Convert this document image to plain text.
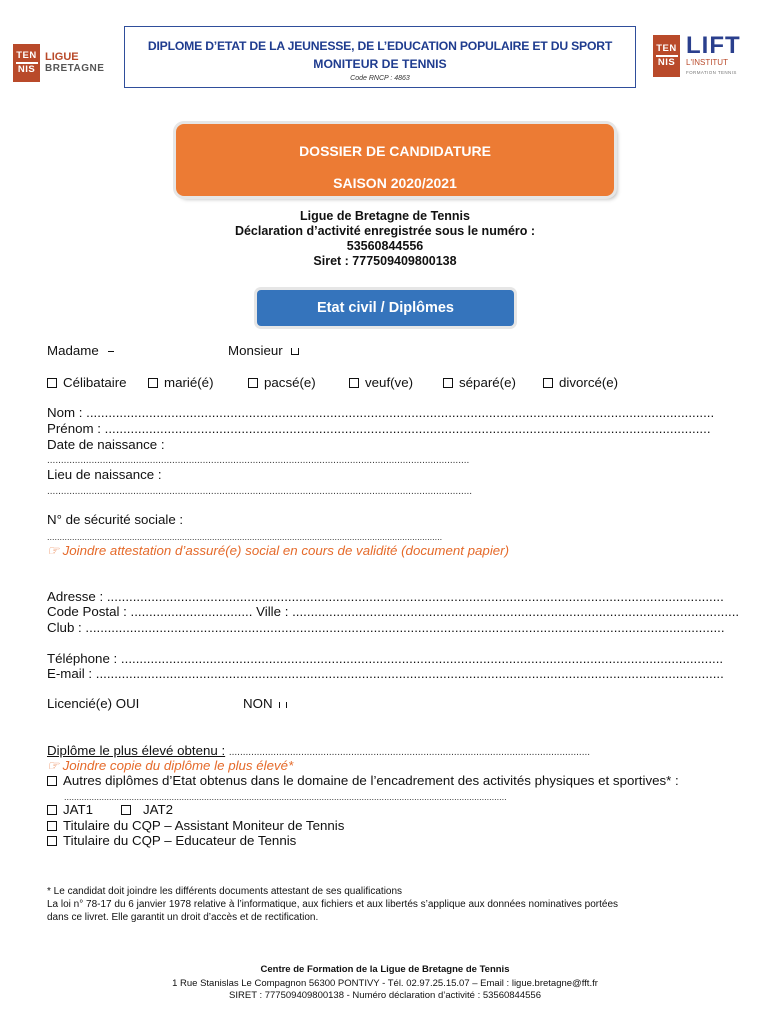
TEN
NIS
LIGUE
BRETAGNE
DIPLOME D’ETAT DE LA JEUNESSE, DE L’EDUCATION POPULAIRE ET DU SPORT
MONITEUR DE TENNIS
Code RNCP : 4863
TEN
NIS
LIFT
L'INSTITUT
FORMATION TENNIS
DOSSIER DE CANDIDATURE
SAISON 2020/2021
Ligue de Bretagne de Tennis
Déclaration d’activité enregistrée sous le numéro :
53560844556
Siret : 777509409800138
Etat civil / Diplômes
Madame	Monsieur
Célibataire	marié(é)	pacsé(e)	veuf(ve)	séparé(e)	divorcé(e)
Nom : ..........................................................................................................................................................................
Prénom : ....................................................................................................................................................................
Date de naissance :
........................................................................................................................................................
Lieu de naissance :
.........................................................................................................................................................
N° de sécurité sociale :
..............................................................................................................................................................
☞ Joindre attestation d’assuré(e) social en cours de validité (document papier)
Adresse : .......................................................................................................................................................................
Code Postal : ................................. Ville : .........................................................................................................................
Club : .............................................................................................................................................................................
Téléphone : ...................................................................................................................................................................
E-mail : ..........................................................................................................................................................................
Licencié(e) OUI	NON
Diplôme le plus élevé obtenu : ..................................................................................................................................
☞ Joindre copie du diplôme le plus élevé*
Autres diplômes d’Etat obtenus dans le domaine de l’encadrement des activités physiques et sportives* :
.................................................................................................................................................................................
JAT1	JAT2
Titulaire du CQP – Assistant Moniteur de Tennis
Titulaire du CQP – Educateur de Tennis
* Le candidat doit joindre les différents documents attestant de ses qualifications
La loi n° 78-17 du 6 janvier 1978 relative à l’informatique, aux fichiers et aux libertés s’applique aux données nominatives portées
dans ce livret. Elle garantit un droit d’accès et de rectification.
Centre de Formation de la Ligue de Bretagne de Tennis
1 Rue Stanislas Le Compagnon 56300 PONTIVY - Tél. 02.97.25.15.07 – Email : ligue.bretagne@fft.fr
SIRET : 777509409800138 - Numéro déclaration d’activité : 53560844556
